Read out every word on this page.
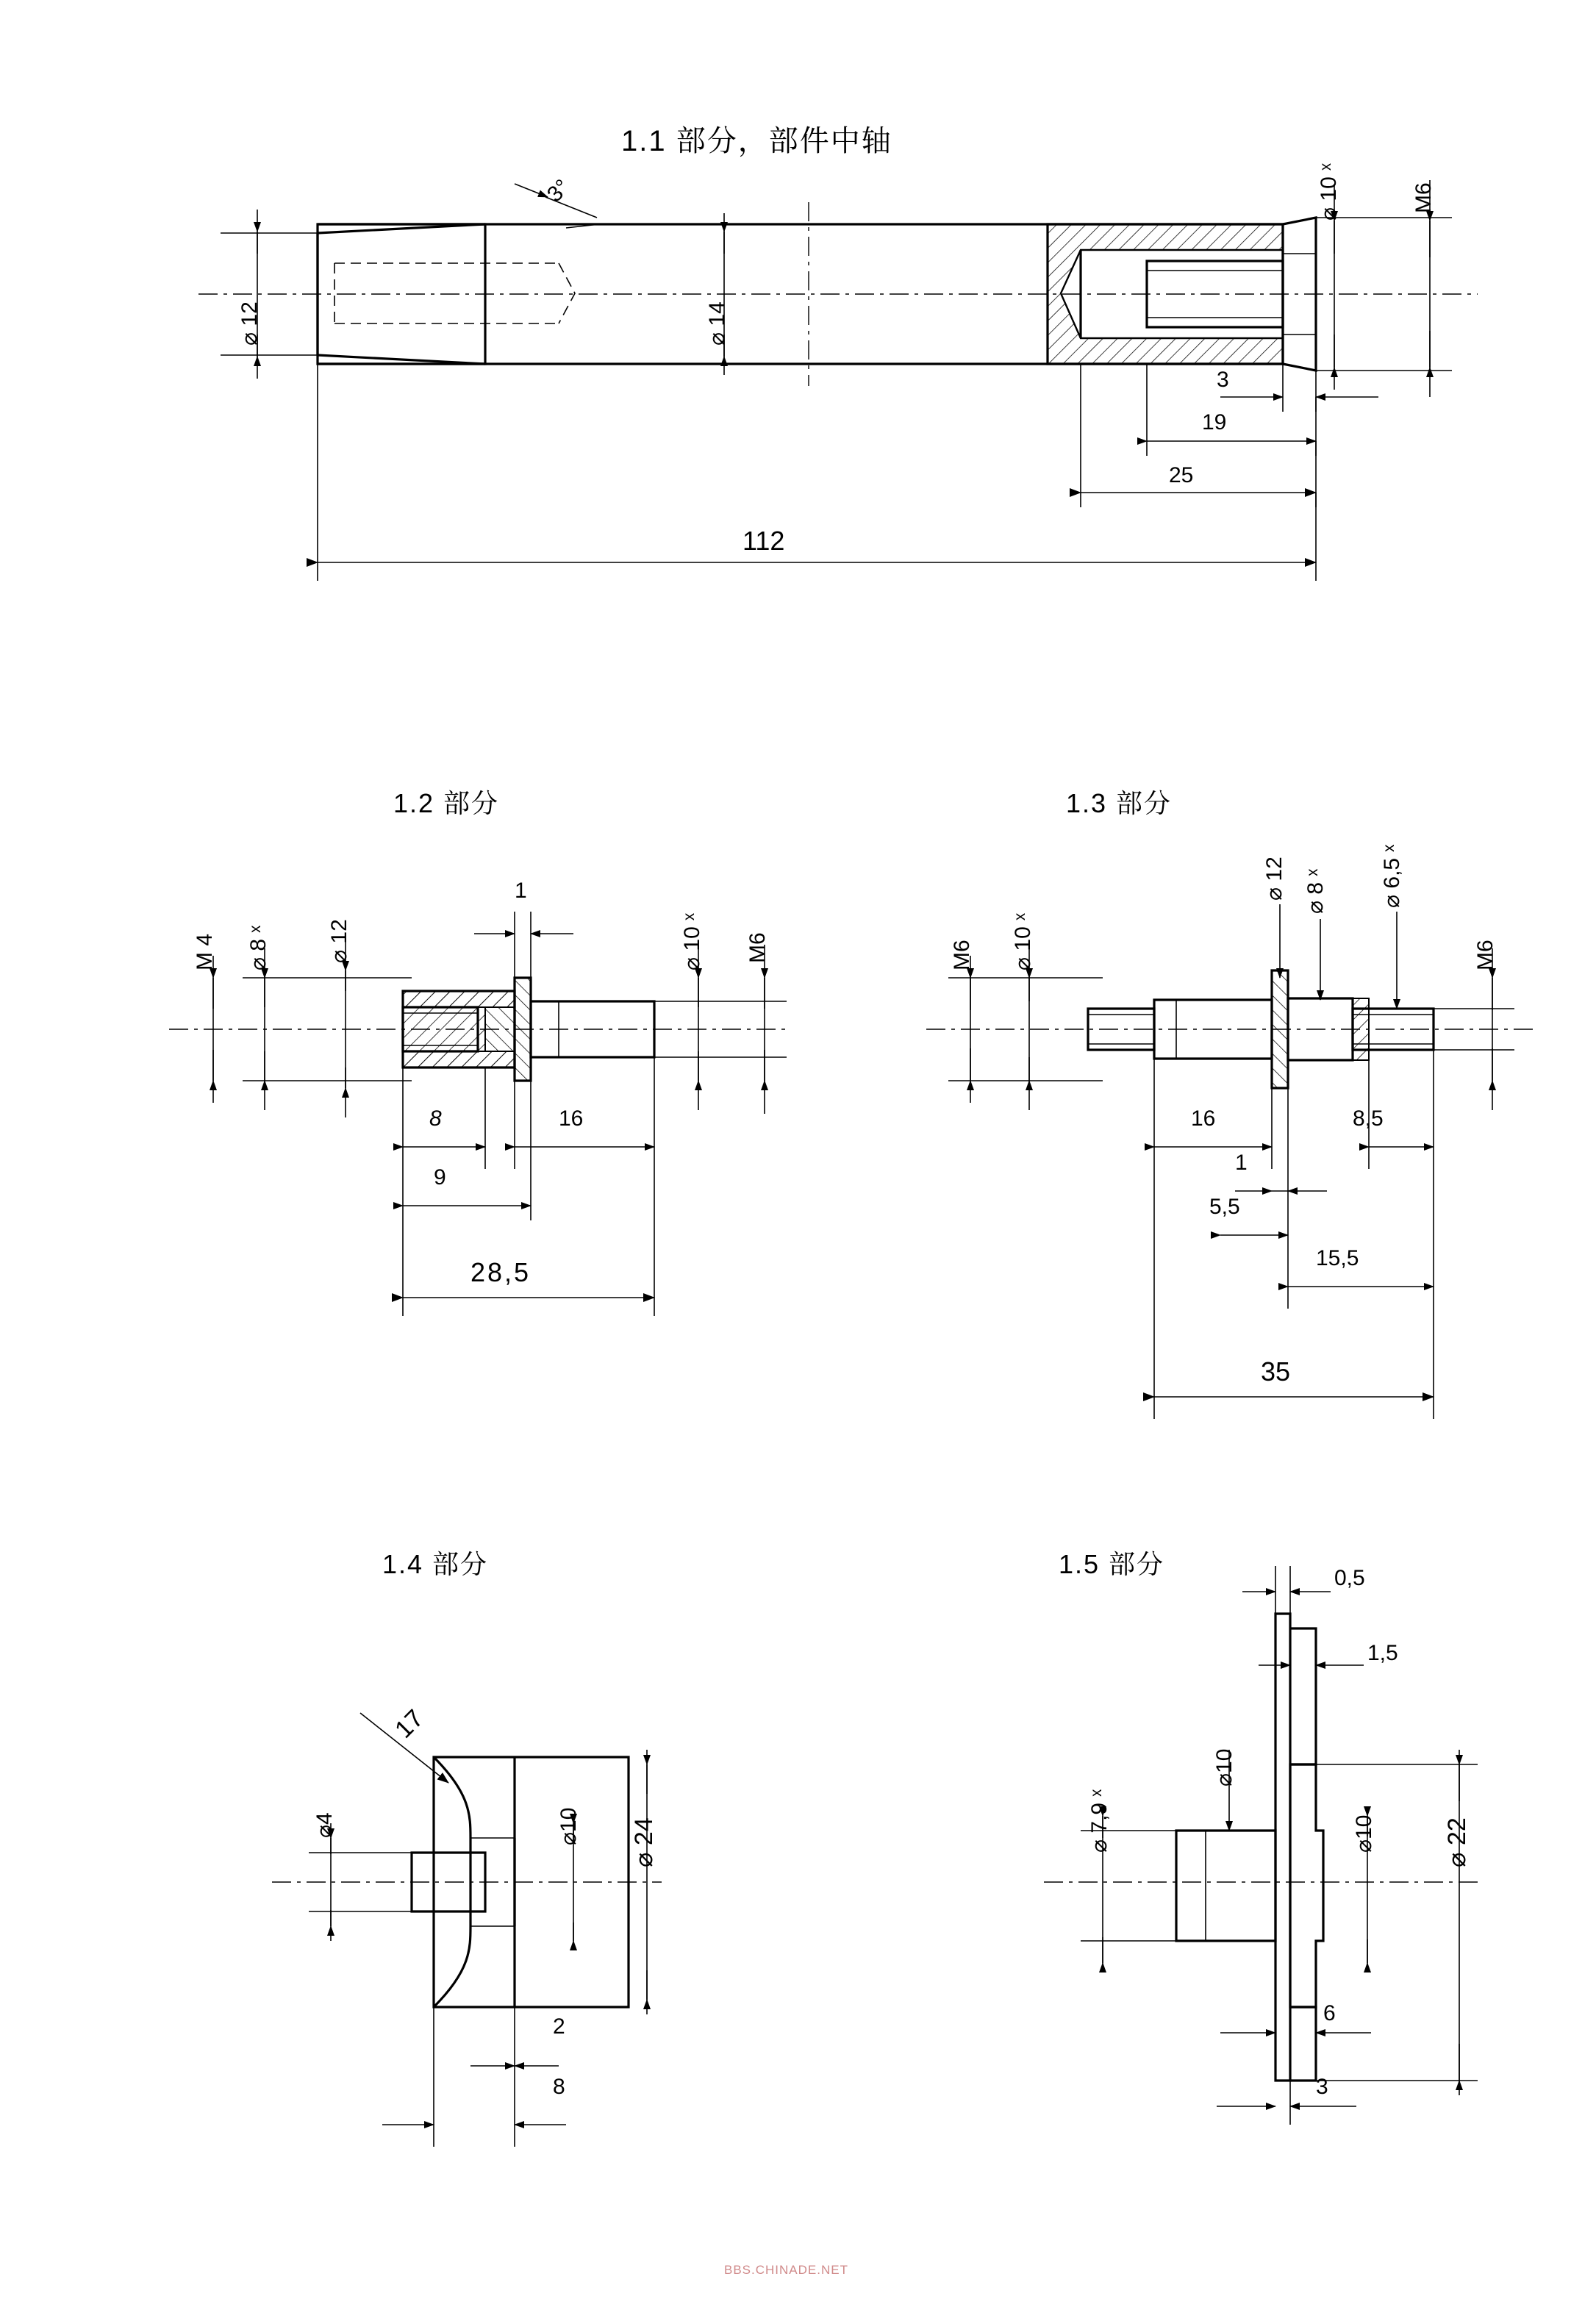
1.1 部分，部件中轴
1.2 部分	1.3 部分
1.4 部分	1.5 部分
3°
⌀ 12	⌀ 14
⌀ 10 ˣ	M6
3
19
25
112
M 4 ⌀ 8 ˣ	⌀ 12
1
⌀ 10 ˣ M6
8	16
9
28,5
M6 ⌀ 10 ˣ
⌀ 12 ⌀ 8 ˣ ⌀ 6,5 ˣ
M6
16	8,5
1
5,5
15,5
35
17
⌀4	⌀10 ⌀ 24
2
8
0,5
1,5
⌀10
⌀ 7,9 ˣ	⌀10	⌀ 22
6
3
BBS.CHINADE.NET
